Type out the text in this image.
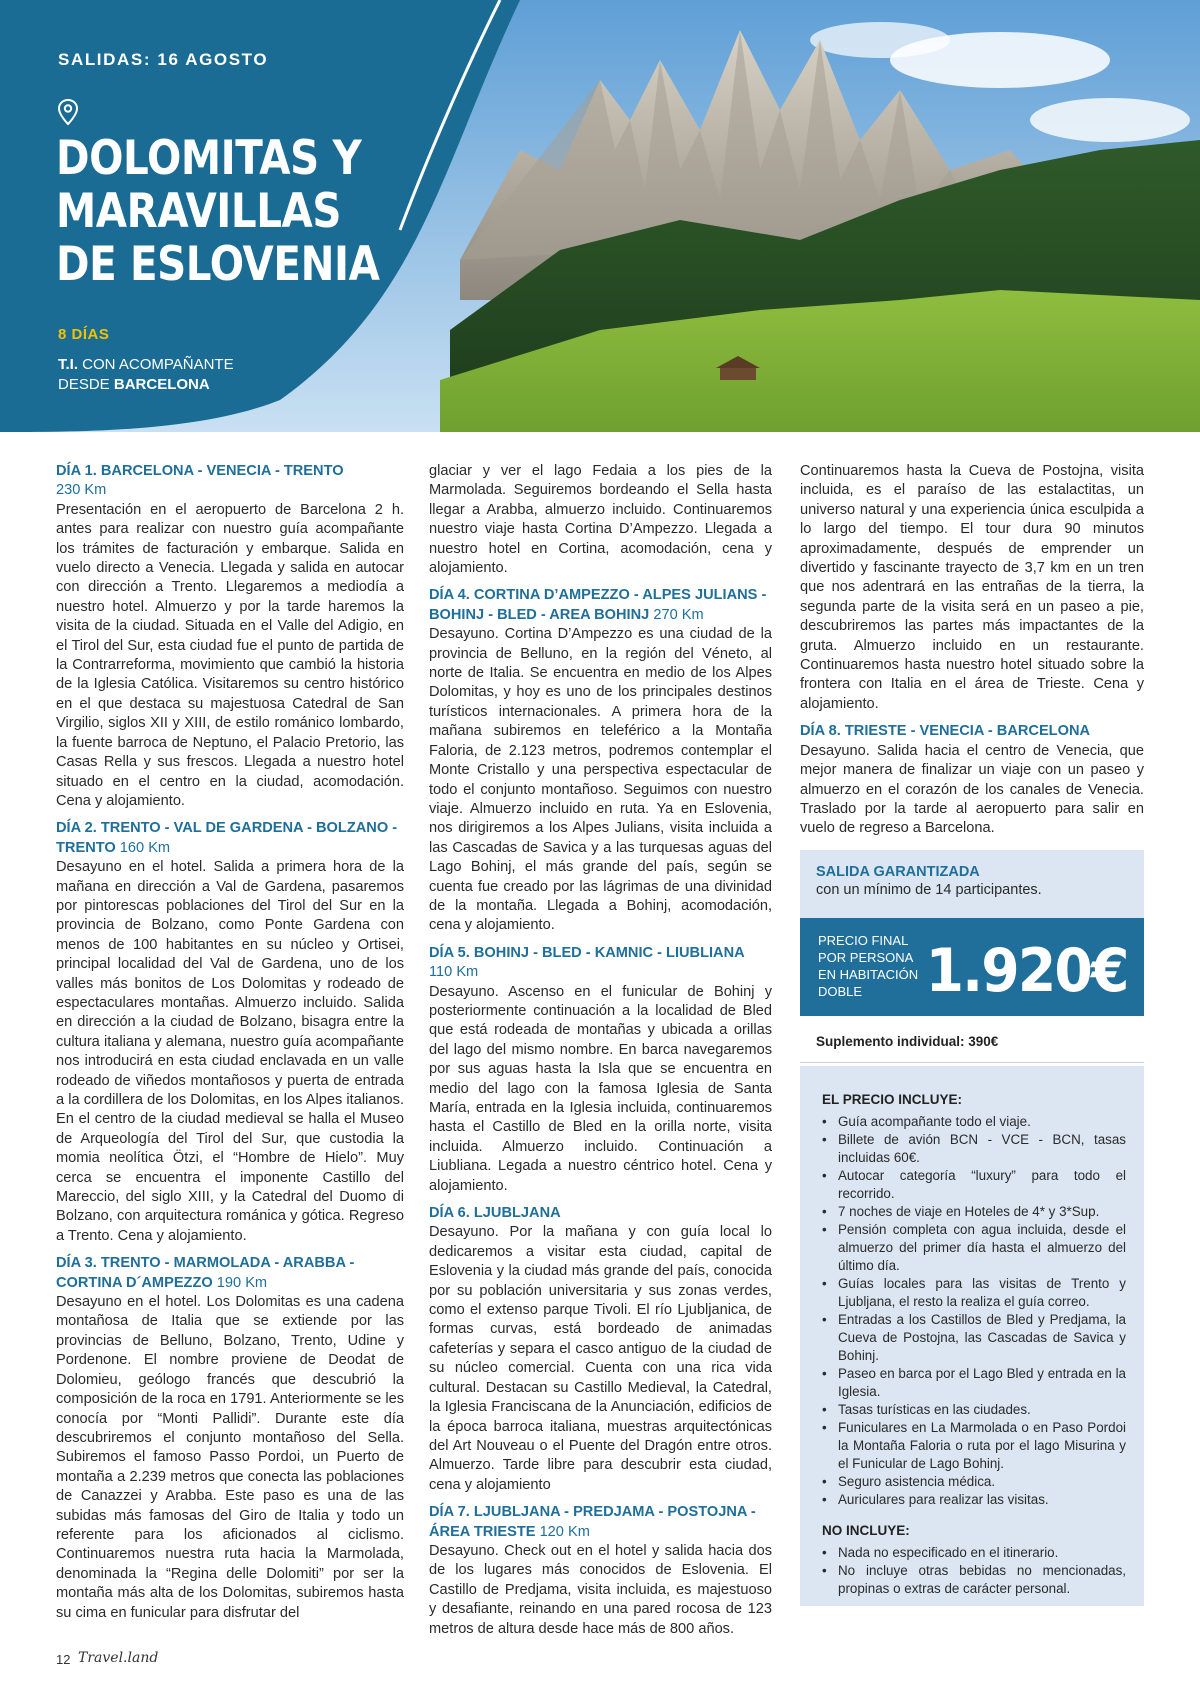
SALIDAS: 16 AGOSTO
DOLOMITAS Y
MARAVILLAS
DE ESLOVENIA
8 DÍAS
T.I. CON ACOMPAÑANTE
DESDE BARCELONA
DÍA 1. BARCELONA - VENECIA - TRENTO
230 Km
Presentación en el aeropuerto de Barcelona 2 h. antes para realizar con nuestro guía acompañante los trámites de facturación y embarque. Salida en vuelo directo a Venecia. Llegada y salida en autocar con dirección a Trento. Llegaremos a mediodía a nuestro hotel. Almuerzo y por la tarde haremos la visita de la ciudad. Situada en el Valle del Adigio, en el Tirol del Sur, esta ciudad fue el punto de partida de la Contrarreforma, movimiento que cambió la historia de la Iglesia Católica. Visitaremos su centro histórico en el que destaca su majestuosa Catedral de San Virgilio, siglos XII y XIII, de estilo románico lombardo, la fuente barroca de Neptuno, el Palacio Pretorio, las Casas Rella y sus frescos. Llegada a nuestro hotel situado en el centro en la ciudad, acomodación. Cena y alojamiento.
DÍA 2. TRENTO - VAL DE GARDENA - BOLZANO - TRENTO 160 Km
Desayuno en el hotel. Salida a primera hora de la mañana en dirección a Val de Gardena, pasaremos por pintorescas poblaciones del Tirol del Sur en la provincia de Bolzano, como Ponte Gardena con menos de 100 habitantes en su núcleo y Ortisei, principal localidad del Val de Gardena, uno de los valles más bonitos de Los Dolomitas y rodeado de espectaculares montañas. Almuerzo incluido. Salida en dirección a la ciudad de Bolzano, bisagra entre la cultura italiana y alemana, nuestro guía acompañante nos introducirá en esta ciudad enclavada en un valle rodeado de viñedos montañosos y puerta de entrada a la cordillera de los Dolomitas, en los Alpes italianos. En el centro de la ciudad medieval se halla el Museo de Arqueología del Tirol del Sur, que custodia la momia neolítica Ötzi, el “Hombre de Hielo”. Muy cerca se encuentra el imponente Castillo del Mareccio, del siglo XIII, y la Catedral del Duomo di Bolzano, con arquitectura románica y gótica. Regreso a Trento. Cena y alojamiento.
DÍA 3. TRENTO - MARMOLADA - ARABBA - CORTINA D´AMPEZZO 190 Km
Desayuno en el hotel. Los Dolomitas es una cadena montañosa de Italia que se extiende por las provincias de Belluno, Bolzano, Trento, Udine y Pordenone. El nombre proviene de Deodat de Dolomieu, geólogo francés que descubrió la composición de la roca en 1791. Anteriormente se les conocía por “Monti Pallidi”. Durante este día descubriremos el conjunto montañoso del Sella. Subiremos el famoso Passo Pordoi, un Puerto de montaña a 2.239 metros que conecta las poblaciones de Canazzei y Arabba. Este paso es una de las subidas más famosas del Giro de Italia y todo un referente para los aficionados al ciclismo. Continuaremos nuestra ruta hacia la Marmolada, denominada la “Regina delle Dolomiti” por ser la montaña más alta de los Dolomitas, subiremos hasta su cima en funicular para disfrutar del
glaciar y ver el lago Fedaia a los pies de la Marmolada. Seguiremos bordeando el Sella hasta llegar a Arabba, almuerzo incluido. Continuaremos nuestro viaje hasta Cortina D’Ampezzo. Llegada a nuestro hotel en Cortina, acomodación, cena y alojamiento.
DÍA 4. CORTINA D’AMPEZZO - ALPES JULIANS - BOHINJ - BLED - AREA BOHINJ 270 Km
Desayuno. Cortina D’Ampezzo es una ciudad de la provincia de Belluno, en la región del Véneto, al norte de Italia. Se encuentra en medio de los Alpes Dolomitas, y hoy es uno de los principales destinos turísticos internacionales. A primera hora de la mañana subiremos en teleférico a la Montaña Faloria, de 2.123 metros, podremos contemplar el Monte Cristallo y una perspectiva espectacular de todo el conjunto montañoso. Seguimos con nuestro viaje. Almuerzo incluido en ruta. Ya en Eslovenia, nos dirigiremos a los Alpes Julians, visita incluida a las Cascadas de Savica y a las turquesas aguas del Lago Bohinj, el más grande del país, según se cuenta fue creado por las lágrimas de una divinidad de la montaña. Llegada a Bohinj, acomodación, cena y alojamiento.
DÍA 5. BOHINJ - BLED - KAMNIC - LIUBLIANA
110 Km
Desayuno. Ascenso en el funicular de Bohinj y posteriormente continuación a la localidad de Bled que está rodeada de montañas y ubicada a orillas del lago del mismo nombre. En barca navegaremos por sus aguas hasta la Isla que se encuentra en medio del lago con la famosa Iglesia de Santa María, entrada en la Iglesia incluida, continuaremos hasta el Castillo de Bled en la orilla norte, visita incluida. Almuerzo incluido. Continuación a Liubliana. Legada a nuestro céntrico hotel. Cena y alojamiento.
DÍA 6. LJUBLJANA
Desayuno. Por la mañana y con guía local lo dedicaremos a visitar esta ciudad, capital de Eslovenia y la ciudad más grande del país, conocida por su población universitaria y sus zonas verdes, como el extenso parque Tivoli. El río Ljubljanica, de formas curvas, está bordeado de animadas cafeterías y separa el casco antiguo de la ciudad de su núcleo comercial. Cuenta con una rica vida cultural. Destacan su Castillo Medieval, la Catedral, la Iglesia Franciscana de la Anunciación, edificios de la época barroca italiana, muestras arquitectónicas del Art Nouveau o el Puente del Dragón entre otros. Almuerzo. Tarde libre para descubrir esta ciudad, cena y alojamiento
DÍA 7. LJUBLJANA - PREDJAMA - POSTOJNA - ÁREA TRIESTE 120 Km
Desayuno. Check out en el hotel y salida hacia dos de los lugares más conocidos de Eslovenia. El Castillo de Predjama, visita incluida, es majestuoso y desafiante, reinando en una pared rocosa de 123 metros de altura desde hace más de 800 años.
Continuaremos hasta la Cueva de Postojna, visita incluida, es el paraíso de las estalactitas, un universo natural y una experiencia única esculpida a lo largo del tiempo. El tour dura 90 minutos aproximadamente, después de emprender un divertido y fascinante trayecto de 3,7 km en un tren que nos adentrará en las entrañas de la tierra, la segunda parte de la visita será en un paseo a pie, descubriremos las partes más impactantes de la gruta. Almuerzo incluido en un restaurante. Continuaremos hasta nuestro hotel situado sobre la frontera con Italia en el área de Trieste. Cena y alojamiento.
DÍA 8. TRIESTE - VENECIA - BARCELONA
Desayuno. Salida hacia el centro de Venecia, que mejor manera de finalizar un viaje con un paseo y almuerzo en el corazón de los canales de Venecia. Traslado por la tarde al aeropuerto para salir en vuelo de regreso a Barcelona.
SALIDA GARANTIZADA
con un mínimo de 14 participantes.
PRECIO FINAL
POR PERSONA
EN HABITACIÓN
DOBLE	1.920€
Suplemento individual: 390€
EL PRECIO INCLUYE:
• Guía acompañante todo el viaje.
• Billete de avión BCN - VCE - BCN, tasas incluidas 60€.
• Autocar categoría “luxury” para todo el recorrido.
• 7 noches de viaje en Hoteles de 4* y 3*Sup.
• Pensión completa con agua incluida, desde el almuerzo del primer día hasta el almuerzo del último día.
• Guías locales para las visitas de Trento y Ljubljana, el resto la realiza el guía correo.
• Entradas a los Castillos de Bled y Predjama, la Cueva de Postojna, las Cascadas de Savica y Bohinj.
• Paseo en barca por el Lago Bled y entrada en la Iglesia.
• Tasas turísticas en las ciudades.
• Funiculares en La Marmolada o en Paso Pordoi la Montaña Faloria o ruta por el lago Misurina y el Funicular de Lago Bohinj.
• Seguro asistencia médica.
• Auriculares para realizar las visitas.
NO INCLUYE:
• Nada no especificado en el itinerario.
• No incluye otras bebidas no mencionadas, propinas o extras de carácter personal.
12 Travel.land
